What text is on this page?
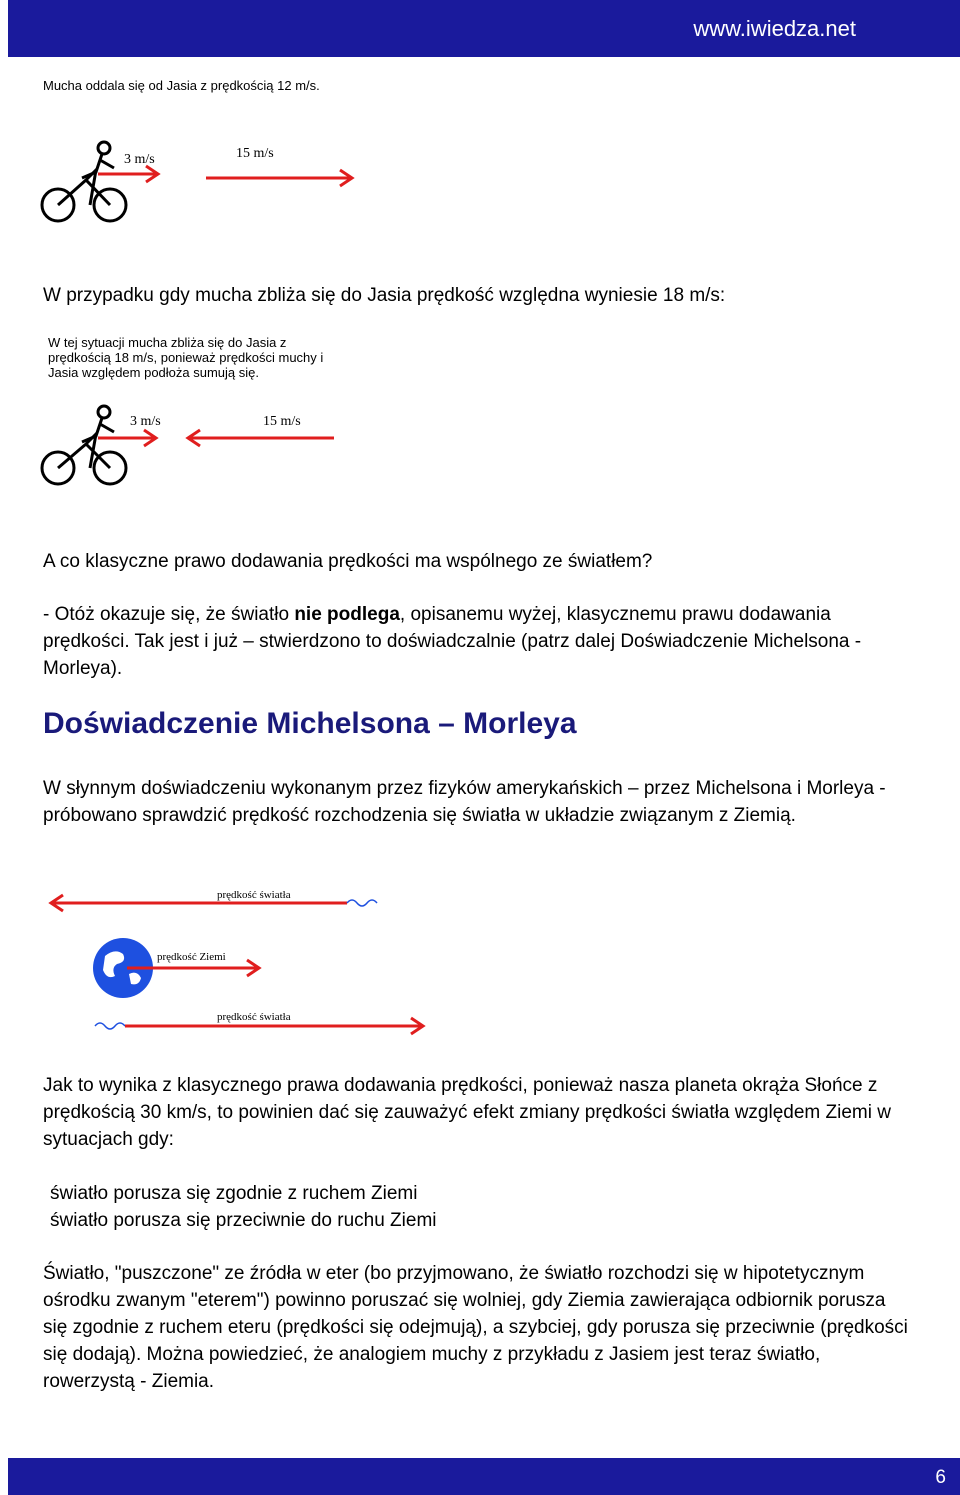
www.iwiedza.net
Mucha oddala się od Jasia z prędkością 12 m/s.
3 m/s	15 m/s

W przypadku gdy mucha zbliża się do Jasia prędkość względna wyniesie 18 m/s:

W tej sytuacji mucha zbliża się do Jasia z prędkością 18 m/s, ponieważ prędkości muchy i Jasia względem podłoża sumują się.
3 m/s	15 m/s

A co klasyczne prawo dodawania prędkości ma wspólnego ze światłem?

- Otóż okazuje się, że światło nie podlega, opisanemu wyżej, klasycznemu prawu dodawania prędkości. Tak jest i już – stwierdzono to doświadczalnie (patrz dalej Doświadczenie Michelsona - Morleya).

Doświadczenie Michelsona – Morleya

W słynnym doświadczeniu wykonanym przez fizyków amerykańskich – przez Michelsona i Morleya - próbowano sprawdzić prędkość rozchodzenia się światła w układzie związanym z Ziemią.

prędkość światła
prędkość Ziemi
prędkość światła

Jak to wynika z klasycznego prawa dodawania prędkości, ponieważ nasza planeta okrąża Słońce z prędkością 30 km/s, to powinien dać się zauważyć efekt zmiany prędkości światła względem Ziemi w sytuacjach gdy:

światło porusza się zgodnie z ruchem Ziemi
światło porusza się przeciwnie do ruchu Ziemi

Światło, "puszczone" ze źródła w eter (bo przyjmowano, że światło rozchodzi się w hipotetycznym ośrodku zwanym "eterem") powinno poruszać się wolniej, gdy Ziemia zawierająca odbiornik porusza się zgodnie z ruchem eteru (prędkości się odejmują), a szybciej, gdy porusza się przeciwnie (prędkości się dodają). Można powiedzieć, że analogiem muchy z przykładu z Jasiem jest teraz światło, rowerzystą - Ziemia.

6
